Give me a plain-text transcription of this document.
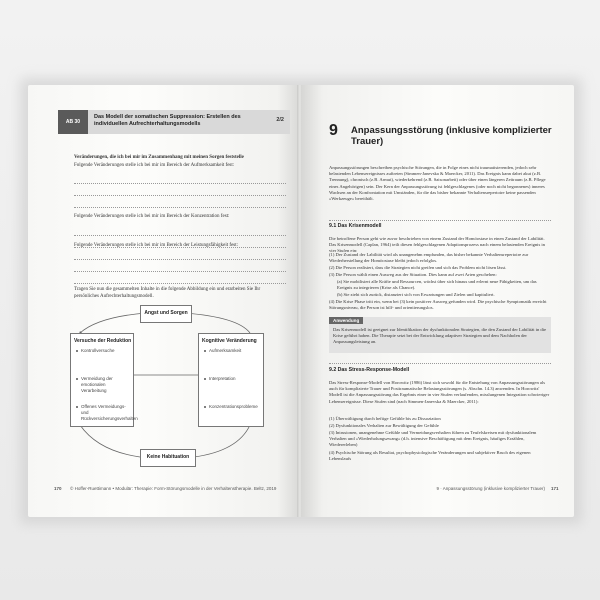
AB 30
Das Modell der somatischen Suppression: Erstellen des individuellen Aufrechterhaltungsmodells
2/2
Veränderungen, die ich bei mir im Zusammenhang mit meinen Sorgen feststelle
Folgende Veränderungen stelle ich bei mir im Bereich der Aufmerksamkeit fest:
Folgende Veränderungen stelle ich bei mir im Bereich der Konzentration fest:
Folgende Veränderungen stelle ich bei mir im Bereich der Leistungsfähigkeit fest:
Tragen Sie nun die gesammelten Inhalte in die folgende Abbildung ein und erarbeiten Sie Ihr persönliches Aufrechterhaltungsmodell.
Angst und Sorgen
Versuche der Reduktion
Kontrollversuche
Vermeidung der emotionalen Verarbeitung
Offenes Vermeidungs- und Rückversicherungsverhalten
Kognitive Veränderung
Aufmerksamkeit
Interpretation
Konzentrationsprobleme
Keine Habituation
170 © Hoffer-Ruettimann • Modulär: Therapie: Form-Störungsmodelle in der Verhaltenstherapie. Beltz, 2019
9 Anpassungsstörung (inklusive komplizierter Trauer)
Anpassungsstörungen beschreiben psychische Störungen, die in Folge eines nicht traumatisierenden, jedoch sehr belastenden Lebensereignisses auftreten (Simmen-Janevska & Maercker, 2011). Das Ereignis kann dabei akut (z.B. Trennung), chronisch (z.B. Armut), wiederkehrend (z.B. Saisonarbeit) oder über einen längeren Zeitraum (z.B. Pflege eines Angehörigen) sein. Der Kern der Anpassungsstörung ist fehlgeschlagenes (oder noch nicht begonnenes) inneres Wachsen an der Konfrontation mit Umständen, für die das bisher bekannte Verhaltensrepertoire keine passenden »Werkzeuge« bereithält.
9.1 Das Krisenmodell
Die betroffene Person geht wie zuvor beschrieben von einem Zustand der Homöostase in einen Zustand der Labilität. Das Krisenmodell (Caplan, 1964) teilt diesen fehlgeschlagenen Adaptionsprozess nach einem belastenden Ereignis in vier Stufen ein:
(1) Der Zustand der Labilität wird als unangenehm empfunden, das bisher bekannte Verhaltensrepertoire zur Wiederherstellung der Homöostase bleibt jedoch erfolglos.
(2) Die Person realisiert, dass die Strategien nicht greifen und sich das Problem nicht lösen lässt.
(3) Die Person wählt einen Ausweg aus der Situation. Dies kann auf zwei Arten geschehen:
(a) Sie mobilisiert alle Kräfte und Ressourcen, wächst über sich hinaus und erlernt neue Fähigkeiten, um das Ereignis zu integrieren (Krise als Chance).
(b) Sie zieht sich zurück, distanziert sich von Erwartungen und Zielen und kapituliert.
(4) Die Krise Phase tritt ein, wenn bei (3) kein positiver Ausweg gefunden wird. Die psychische Symptomatik erreicht Störungsniveau, die Person ist hilf- und orientierungslos.
Anwendung
Das Krisenmodell ist geeignet zur Identifikation der dysfunktionalen Strategien, die den Zustand der Labilität in die Krise geführt haben. Die Therapie setzt bei der Entwicklung adaptiver Strategien und dem Nachholen der Anpassungsleistung an.
9.2 Das Stress-Response-Modell
Das Stress-Response-Modell von Horowitz (1986) lässt sich sowohl für die Entstehung von Anpassungsstörungen als auch für komplizierte Trauer und Posttraumatische Belastungsstörungen (s. Abschn. 14.3) anwenden. In Horowitz' Modell ist die Anpassungsstörung das Ergebnis einer in vier Stufen verlaufenden, misslungenen Integration schwieriger Lebensereignisse. Diese Stufen sind (nach Simmen-Janevska & Maercker, 2011):
(1) Überwältigung durch heftige Gefühle bis zu Dissoziation
(2) Dysfunktionales Verhalten zur Bewältigung der Gefühle
(3) Intrusionen, unangenehme Gefühle und Vermeidungsverhalten führen zu Teufelskreisen mit dysfunktionalem Verhalten und »Wiederholungszwang« (d.h. intensive Beschäftigung mit dem Ereignis, häufiges Erzählen, Wiedererleben)
(4) Psychische Störung als Resultat, psychophysiologische Veränderungen und subjektiver Bruch des eigenen Lebenslaufs
9 · Anpassungsstörung (inklusive komplizierter Trauer) 171
